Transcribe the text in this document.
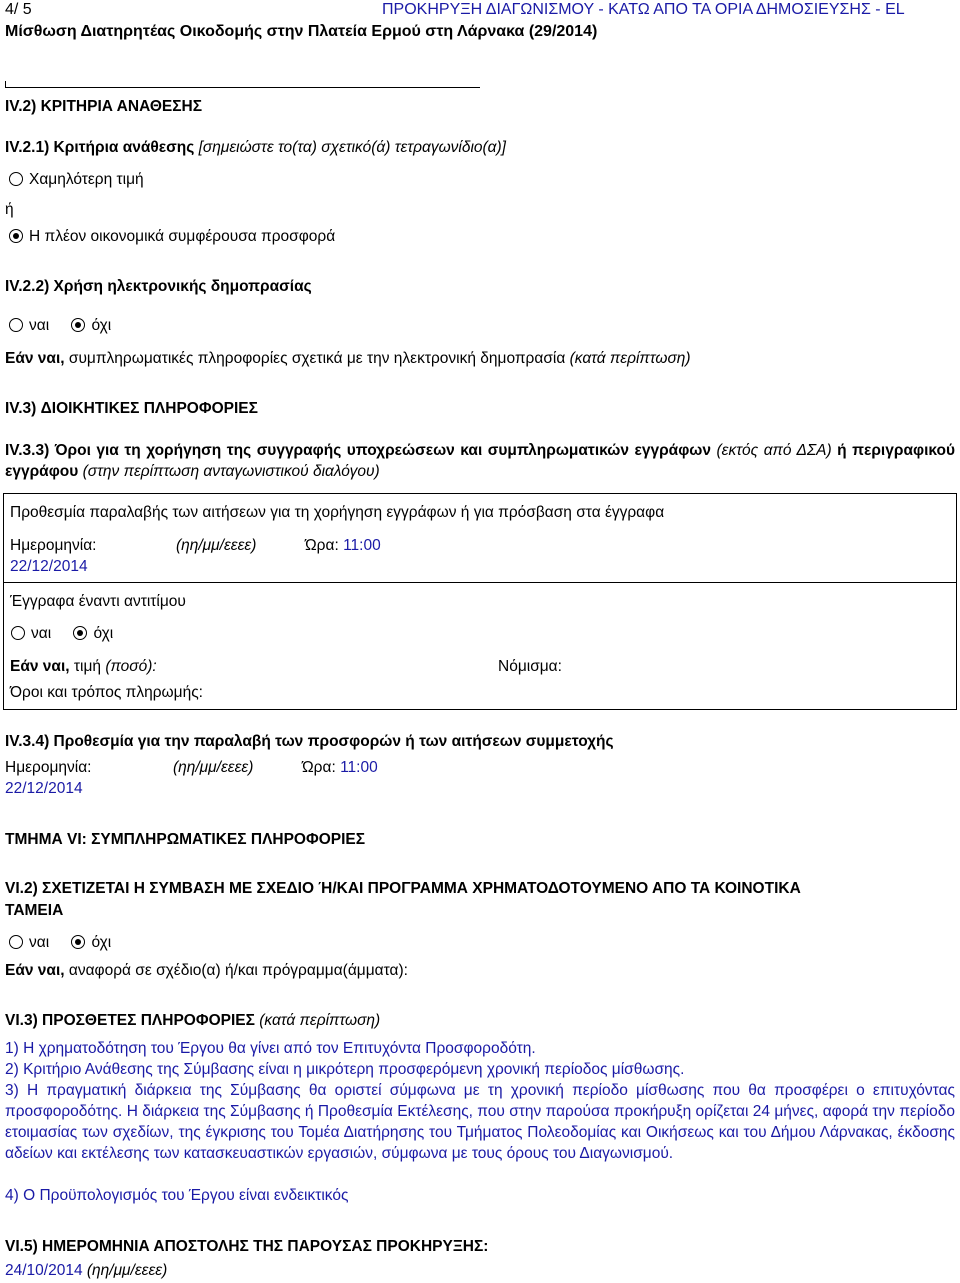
4/ 5	ΠΡΟΚΗΡΥΞΗ ΔΙΑΓΩΝΙΣΜΟΥ - ΚΑΤΩ ΑΠΟ ΤΑ ΟΡΙΑ ΔΗΜΟΣΙΕΥΣΗΣ - EL
Μίσθωση Διατηρητέας Οικοδομής στην Πλατεία Ερμού στη Λάρνακα (29/2014)
IV.2) ΚΡΙΤΗΡΙΑ ΑΝΑΘΕΣΗΣ
IV.2.1) Κριτήρια ανάθεσης [σημειώστε το(τα) σχετικό(ά) τετραγωνίδιο(α)]
Χαμηλότερη τιμή
ή
Η πλέον οικονομικά συμφέρουσα προσφορά
IV.2.2) Χρήση ηλεκτρονικής δημοπρασίας
ναι	όχι
Εάν ναι, συμπληρωματικές πληροφορίες σχετικά με την ηλεκτρονική δημοπρασία (κατά περίπτωση)
IV.3) ΔΙΟΙΚΗΤΙΚΕΣ ΠΛΗΡΟΦΟΡΙΕΣ
IV.3.3) Όροι για τη χορήγηση της συγγραφής υποχρεώσεων και συμπληρωματικών εγγράφων (εκτός από ΔΣΑ) ή περιγραφικού εγγράφου (στην περίπτωση ανταγωνιστικού διαλόγου)
Προθεσμία παραλαβής των αιτήσεων για τη χορήγηση εγγράφων ή για πρόσβαση στα έγγραφα
Ημερομηνία:	(ηη/μμ/εεεε)	Ώρα: 11:00
22/12/2014
Έγγραφα έναντι αντιτίμου
ναι	όχι
Εάν ναι, τιμή (ποσό):	Νόμισμα:
Όροι και τρόπος πληρωμής:
IV.3.4) Προθεσμία για την παραλαβή των προσφορών ή των αιτήσεων συμμετοχής
Ημερομηνία:	(ηη/μμ/εεεε)	Ώρα: 11:00
22/12/2014
ΤΜΗΜΑ VI: ΣΥΜΠΛΗΡΩΜΑΤΙΚΕΣ ΠΛΗΡΟΦΟΡΙΕΣ
VI.2) ΣΧΕΤΙΖΕΤΑΙ Η ΣΥΜΒΑΣΗ ΜΕ ΣΧΕΔΙΟ Ή/ΚΑΙ ΠΡΟΓΡΑΜΜΑ ΧΡΗΜΑΤΟΔΟΤΟΥΜΕΝΟ ΑΠΟ ΤΑ ΚΟΙΝΟΤΙΚΑ
ΤΑΜΕΙΑ
ναι	όχι
Εάν ναι, αναφορά σε σχέδιο(α) ή/και πρόγραμμα(άμματα):
VI.3) ΠΡΟΣΘΕΤΕΣ ΠΛΗΡΟΦΟΡΙΕΣ (κατά περίπτωση)
1) Η χρηματοδότηση του Έργου θα γίνει από τον Επιτυχόντα Προσφοροδότη.
2) Κριτήριο Ανάθεσης της Σύμβασης είναι η μικρότερη προσφερόμενη χρονική περίοδος μίσθωσης.
3) Η πραγματική διάρκεια της Σύμβασης θα οριστεί σύμφωνα με τη χρονική περίοδο μίσθωσης που θα προσφέρει ο επιτυχόντας προσφοροδότης. Η διάρκεια της Σύμβασης ή Προθεσμία Εκτέλεσης, που στην παρούσα προκήρυξη ορίζεται 24 μήνες, αφορά την περίοδο ετοιμασίας των σχεδίων, της έγκρισης του Τομέα Διατήρησης του Τμήματος Πολεοδομίας και Οικήσεως και του Δήμου Λάρνακας, έκδοσης αδείων και εκτέλεσης των κατασκευαστικών εργασιών, σύμφωνα με τους όρους του Διαγωνισμού.
4) Ο Προϋπολογισμός του Έργου είναι ενδεικτικός
VI.5) ΗΜΕΡΟΜΗΝΙΑ ΑΠΟΣΤΟΛΗΣ ΤΗΣ ΠΑΡΟΥΣΑΣ ΠΡΟΚΗΡΥΞΗΣ:
24/10/2014 (ηη/μμ/εεεε)
